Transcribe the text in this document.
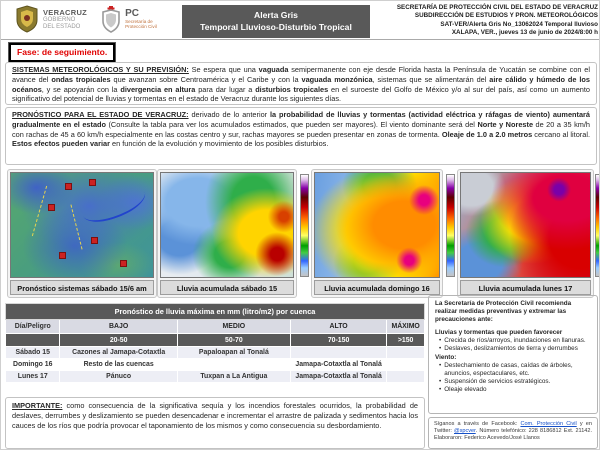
VERACRUZ
GOBIERNO
DEL ESTADO
PC
Secretaría de
Protección Civil
Alerta Gris
Temporal Lluvioso-Disturbio Tropical
SECRETARÍA DE PROTECCIÓN CIVIL DEL ESTADO DE VERACRUZ
SUBDIRECCIÓN DE ESTUDIOS Y PRON. METEOROLÓGICOS
SAT-VER/Alerta Gris No_13062024 Temporal lluvioso
XALAPA, VER., jueves 13 de junio de 2024/8:00 h
Fase: de seguimiento.

SISTEMAS METEOROLÓGICOS Y SU PREVISIÓN: Se espera que una vaguada semipermanente con eje desde Florida hasta la Península de Yucatán se combine con el avance del ondas tropicales que avanzan sobre Centroamérica y el Caribe y con la vaguada monzónica, sistemas que se alimentarán del aire cálido y húmedo de los océanos, y se apoyarán con la divergencia en altura para dar lugar a disturbios tropicales en el suroeste del Golfo de México y/o al sur del país, así como un aumento significativo del potencial de lluvias y tormentas en el estado de Veracruz durante los siguientes días.

PRONÓSTICO PARA EL ESTADO DE VERACRUZ: derivado de lo anterior la probabilidad de lluvias y tormentas (actividad eléctrica y ráfagas de viento) aumentará gradualmente en el estado (Consulte la tabla para ver los acumulados estimados, que pueden ser mayores). El viento dominante será del Norte y Noreste de 20 a 35 km/h con rachas de 45 a 60 km/h especialmente en las costas centro y sur, rachas mayores se pueden presentar en zonas de tormenta. Oleaje de 1.0 a 2.0 metros cercano al litoral. Estos efectos pueden variar en función de la evolución y movimiento de los posibles disturbios.

Pronóstico sistemas sábado 15/6 am	Lluvia acumulada sábado 15	Lluvia acumulada domingo 16	Lluvia acumulada lunes 17
Pronóstico de lluvia máxima en mm (litro/m2) por cuenca				
Día/Peligro	BAJO	MEDIO	ALTO	MÁXIMO
	20-50	50-70	70-150	>150
Sábado 15	Cazones al Jamapa-Cotaxtla	Papaloapan al Tonalá		
Domingo 16	Resto de las cuencas		Jamapa-Cotaxtla al Tonalá	
Lunes 17	Pánuco	Tuxpan a La Antigua	Jamapa-Cotaxtla al Tonalá	

La Secretaría de Protección Civil recomienda realizar medidas preventivas y extremar las precauciones ante:

Lluvias y tormentas que pueden favorecer

• Crecida de ríos/arroyos, inundaciones en llanuras.
• Deslaves, deslizamientos de tierra y derrumbes

Viento:

• Destechamiento de casas, caídas de árboles, anuncios, espectaculares, etc.
• Suspensión de servicios estratégicos.
• Oleaje elevado

IMPORTANTE: como consecuencia de la significativa sequía y los incendios forestales ocurridos, la probabilidad de deslaves, derrumbes y deslizamiento se pueden desencadenar e incrementar el arrastre de palizada y sedimentos hacia los cauces de los ríos que podría provocar el taponamiento de los mismos y como consecuencia su desbordamiento.	Síganos a través de Facebook: Com. Protección Civil y en Twitter: @spcver. Número telefónico: 228 8186812 Ext. 21142. Elaboraron: Federico Acevedo/José Llanos
